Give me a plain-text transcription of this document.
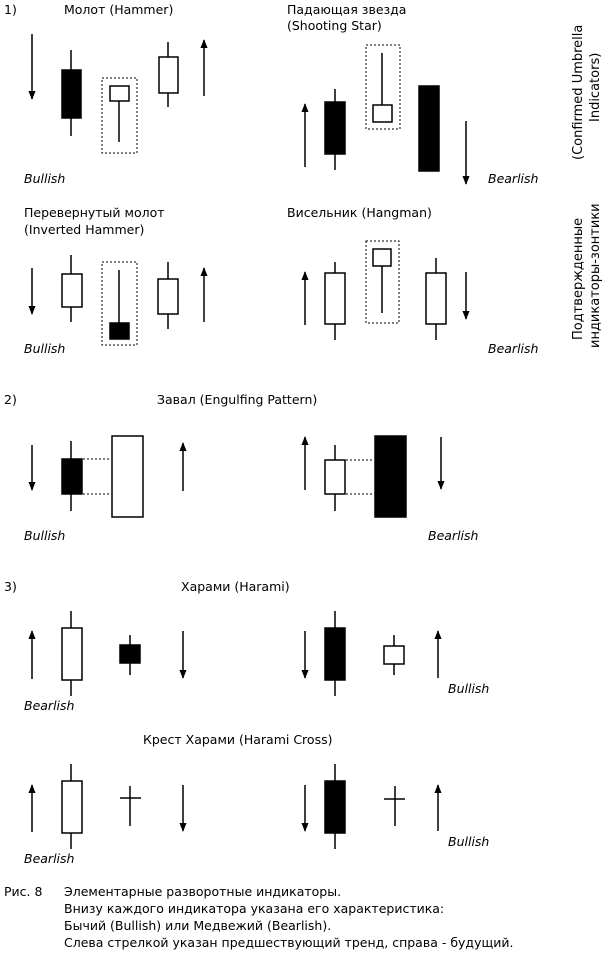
1)	Молот (Hammer)	Падающая звезда
(Shooting Star)
Bullish	Bearlish
Перевернутый молот
(Inverted Hammer)
Висельник (Hangman)
Bullish	Bearlish
(Confirmed Umbrella Indicators)
Подтвержденные индикаторы-зонтики
2)	Завал (Engulfing Pattern)
Bullish	Bearlish
3)	Харами (Harami)
Bearlish
Bullish
Крест Харами (Harami Cross)
Bearlish
Bullish
Рис. 8 Элементарные разворотные индикаторы.
Внизу каждого индикатора указана его характеристика:
Бычий (Bullish) или Медвежий (Bearlish).
Слева стрелкой указан предшествующий тренд, справа - будущий.
